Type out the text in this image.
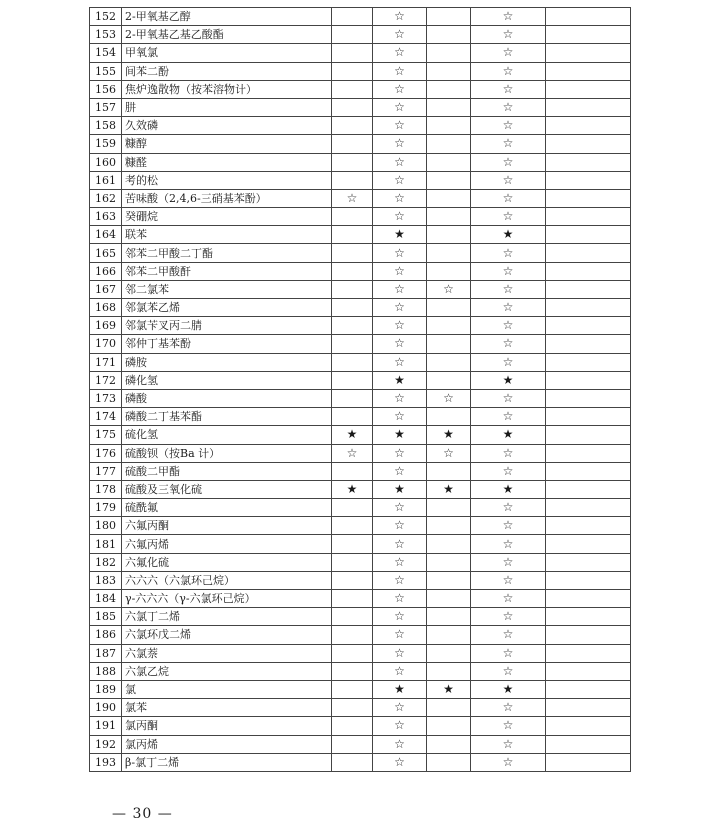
152	2-甲氧基乙醇		☆		☆	
153	2-甲氧基乙基乙酸酯		☆		☆	
154	甲氧氯		☆		☆	
155	间苯二酚		☆		☆	
156	焦炉逸散物（按苯溶物计）		☆		☆	
157	肼		☆		☆	
158	久效磷		☆		☆	
159	糠醇		☆		☆	
160	糠醛		☆		☆	
161	考的松		☆		☆	
162	苦味酸（2,4,6-三硝基苯酚）	☆	☆		☆	
163	癸硼烷		☆		☆	
164	联苯		★		★	
165	邻苯二甲酸二丁酯		☆		☆	
166	邻苯二甲酸酐		☆		☆	
167	邻二氯苯		☆	☆	☆	
168	邻氯苯乙烯		☆		☆	
169	邻氯苄叉丙二腈		☆		☆	
170	邻仲丁基苯酚		☆		☆	
171	磷胺		☆		☆	
172	磷化氢		★		★	
173	磷酸		☆	☆	☆	
174	磷酸二丁基苯酯		☆		☆	
175	硫化氢	★	★	★	★	
176	硫酸钡（按Ba 计）	☆	☆	☆	☆	
177	硫酸二甲酯		☆		☆	
178	硫酸及三氧化硫	★	★	★	★	
179	硫酰氟		☆		☆	
180	六氟丙酮		☆		☆	
181	六氟丙烯		☆		☆	
182	六氟化硫		☆		☆	
183	六六六（六氯环己烷）		☆		☆	
184	γ-六六六（γ-六氯环己烷）		☆		☆	
185	六氯丁二烯		☆		☆	
186	六氯环戊二烯		☆		☆	
187	六氯萘		☆		☆	
188	六氯乙烷		☆		☆	
189	氯		★	★	★	
190	氯苯		☆		☆	
191	氯丙酮		☆		☆	
192	氯丙烯		☆		☆	
193	β-氯丁二烯		☆		☆	
— 30 —
